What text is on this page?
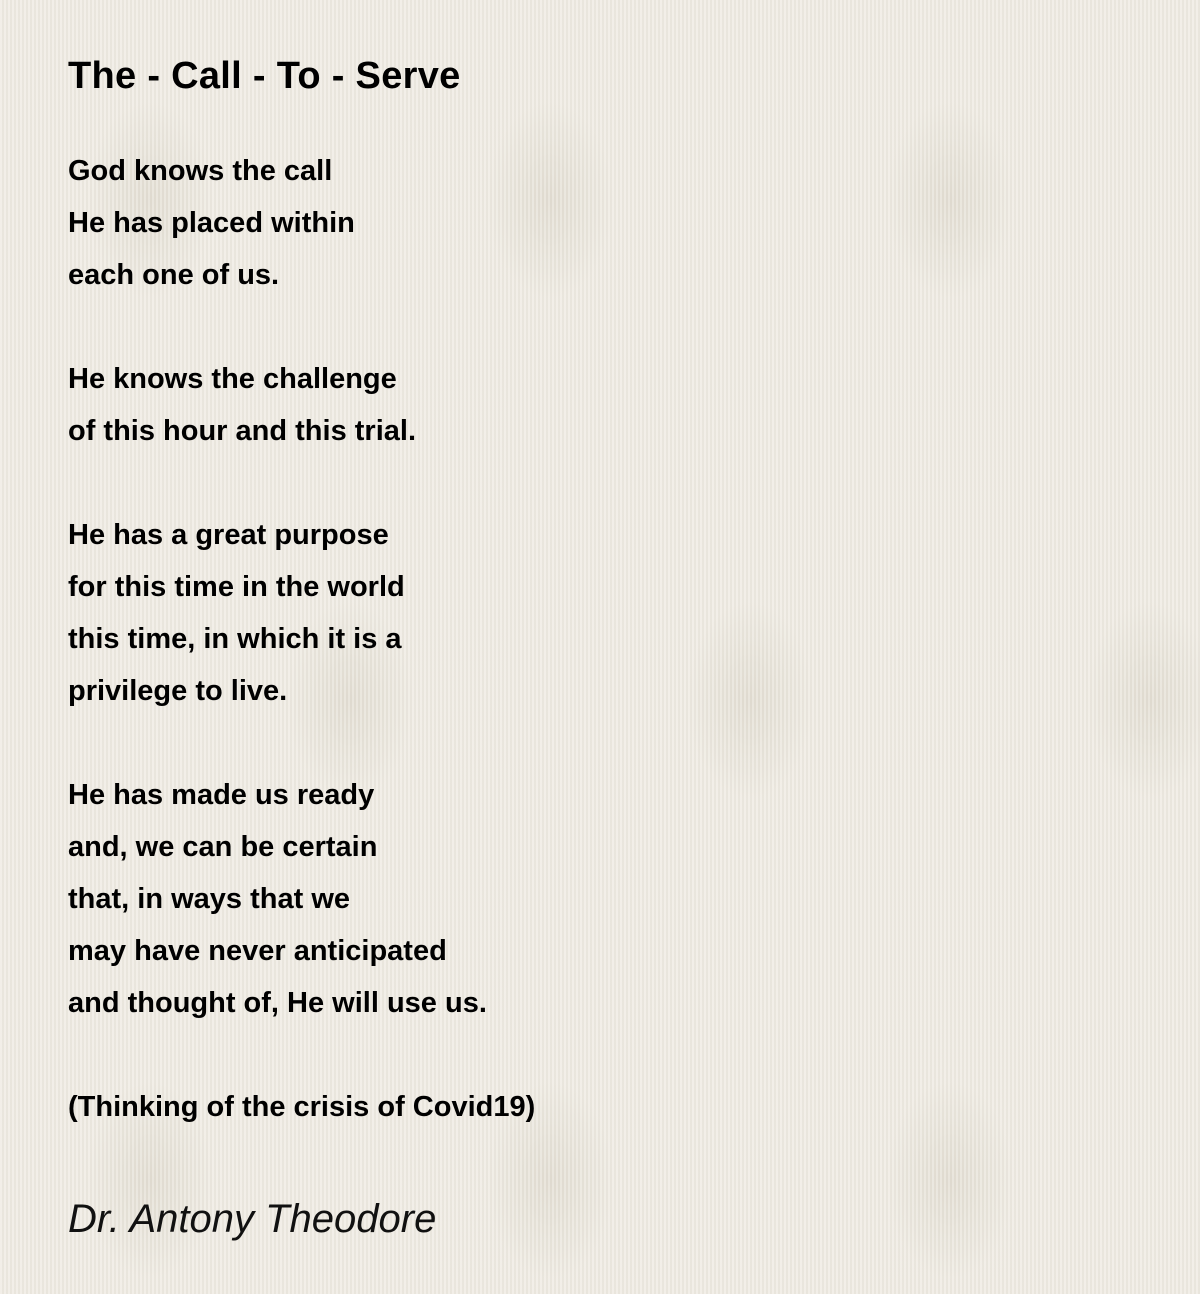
The - Call - To - Serve
God knows the call
He has placed within
each one of us.
He knows the challenge
of this hour and this trial.
He has a great purpose
for this time in the world
this time, in which it is a
privilege to live.
He has made us ready
and, we can be certain
that, in ways that we
may have never anticipated
and thought of, He will use us.
(Thinking of the crisis of Covid19)
Dr. Antony Theodore
